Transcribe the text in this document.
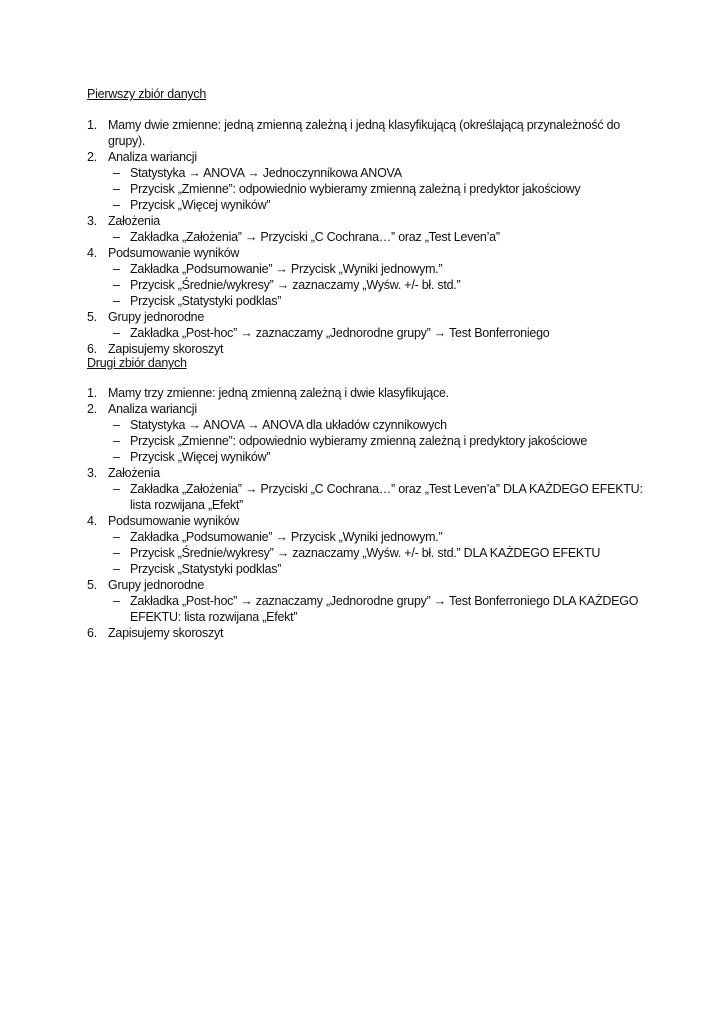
Pierwszy zbiór danych
1. Mamy dwie zmienne: jedną zmienną zależną i jedną klasyfikującą (określającą przynależność do grupy).
2. Analiza wariancji
– Statystyka → ANOVA → Jednoczynnikowa ANOVA
– Przycisk „Zmienne”: odpowiednio wybieramy zmienną zależną i predyktor jakościowy
– Przycisk „Więcej wyników”
3. Założenia
– Zakładka „Założenia” → Przyciski „C Cochrana…” oraz „Test Leven’a”
4. Podsumowanie wyników
– Zakładka „Podsumowanie” → Przycisk „Wyniki jednowym.”
– Przycisk „Średnie/wykresy” → zaznaczamy „Wyśw. +/- bł. std.”
– Przycisk „Statystyki podklas”
5. Grupy jednorodne
– Zakładka „Post-hoc” → zaznaczamy „Jednorodne grupy” → Test Bonferroniego
6. Zapisujemy skoroszyt
Drugi zbiór danych
1. Mamy trzy zmienne: jedną zmienną zależną i dwie klasyfikujące.
2. Analiza wariancji
– Statystyka → ANOVA → ANOVA dla układów czynnikowych
– Przycisk „Zmienne”: odpowiednio wybieramy zmienną zależną i predyktory jakościowe
– Przycisk „Więcej wyników”
3. Założenia
– Zakładka „Założenia” → Przyciski „C Cochrana…” oraz „Test Leven’a” DLA KAŻDEGO EFEKTU: lista rozwijana „Efekt”
4. Podsumowanie wyników
– Zakładka „Podsumowanie” → Przycisk „Wyniki jednowym.”
– Przycisk „Średnie/wykresy” → zaznaczamy „Wyśw. +/- bł. std.” DLA KAŻDEGO EFEKTU
– Przycisk „Statystyki podklas”
5. Grupy jednorodne
– Zakładka „Post-hoc” → zaznaczamy „Jednorodne grupy” → Test Bonferroniego DLA KAŻDEGO EFEKTU: lista rozwijana „Efekt”
6. Zapisujemy skoroszyt
